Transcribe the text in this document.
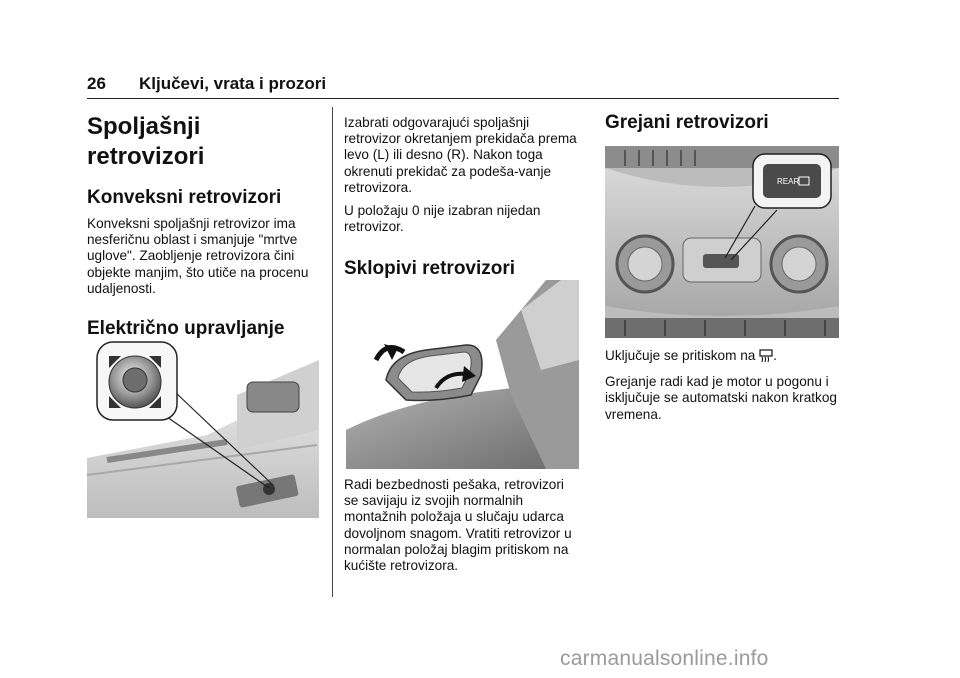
26 Ključevi, vrata i prozori
Spoljašnji retrovizori
Konveksni retrovizori

Konveksni spoljašnji retrovizor ima nesferičnu oblast i smanjuje "mrtve uglove". Zaobljenje retrovizora čini objekte manjim, što utiče na procenu udaljenosti.

Električno upravljanje

Izabrati odgovarajući spoljašnji retrovizor okretanjem prekidača prema levo (L) ili desno (R). Nakon toga okrenuti prekidač za podeša-vanje retrovizora.

U položaju 0 nije izabran nijedan retrovizor.

Sklopivi retrovizori

Radi bezbednosti pešaka, retrovizori se savijaju iz svojih normalnih montažnih položaja u slučaju udarca dovoljnom snagom. Vratiti retrovizor u normalan položaj blagim pritiskom na kućište retrovizora.

Grejani retrovizori
REAR

Uključuje se pritiskom na .

Grejanje radi kad je motor u pogonu i isključuje se automatski nakon kratkog vremena.

carmanualsonline.info
